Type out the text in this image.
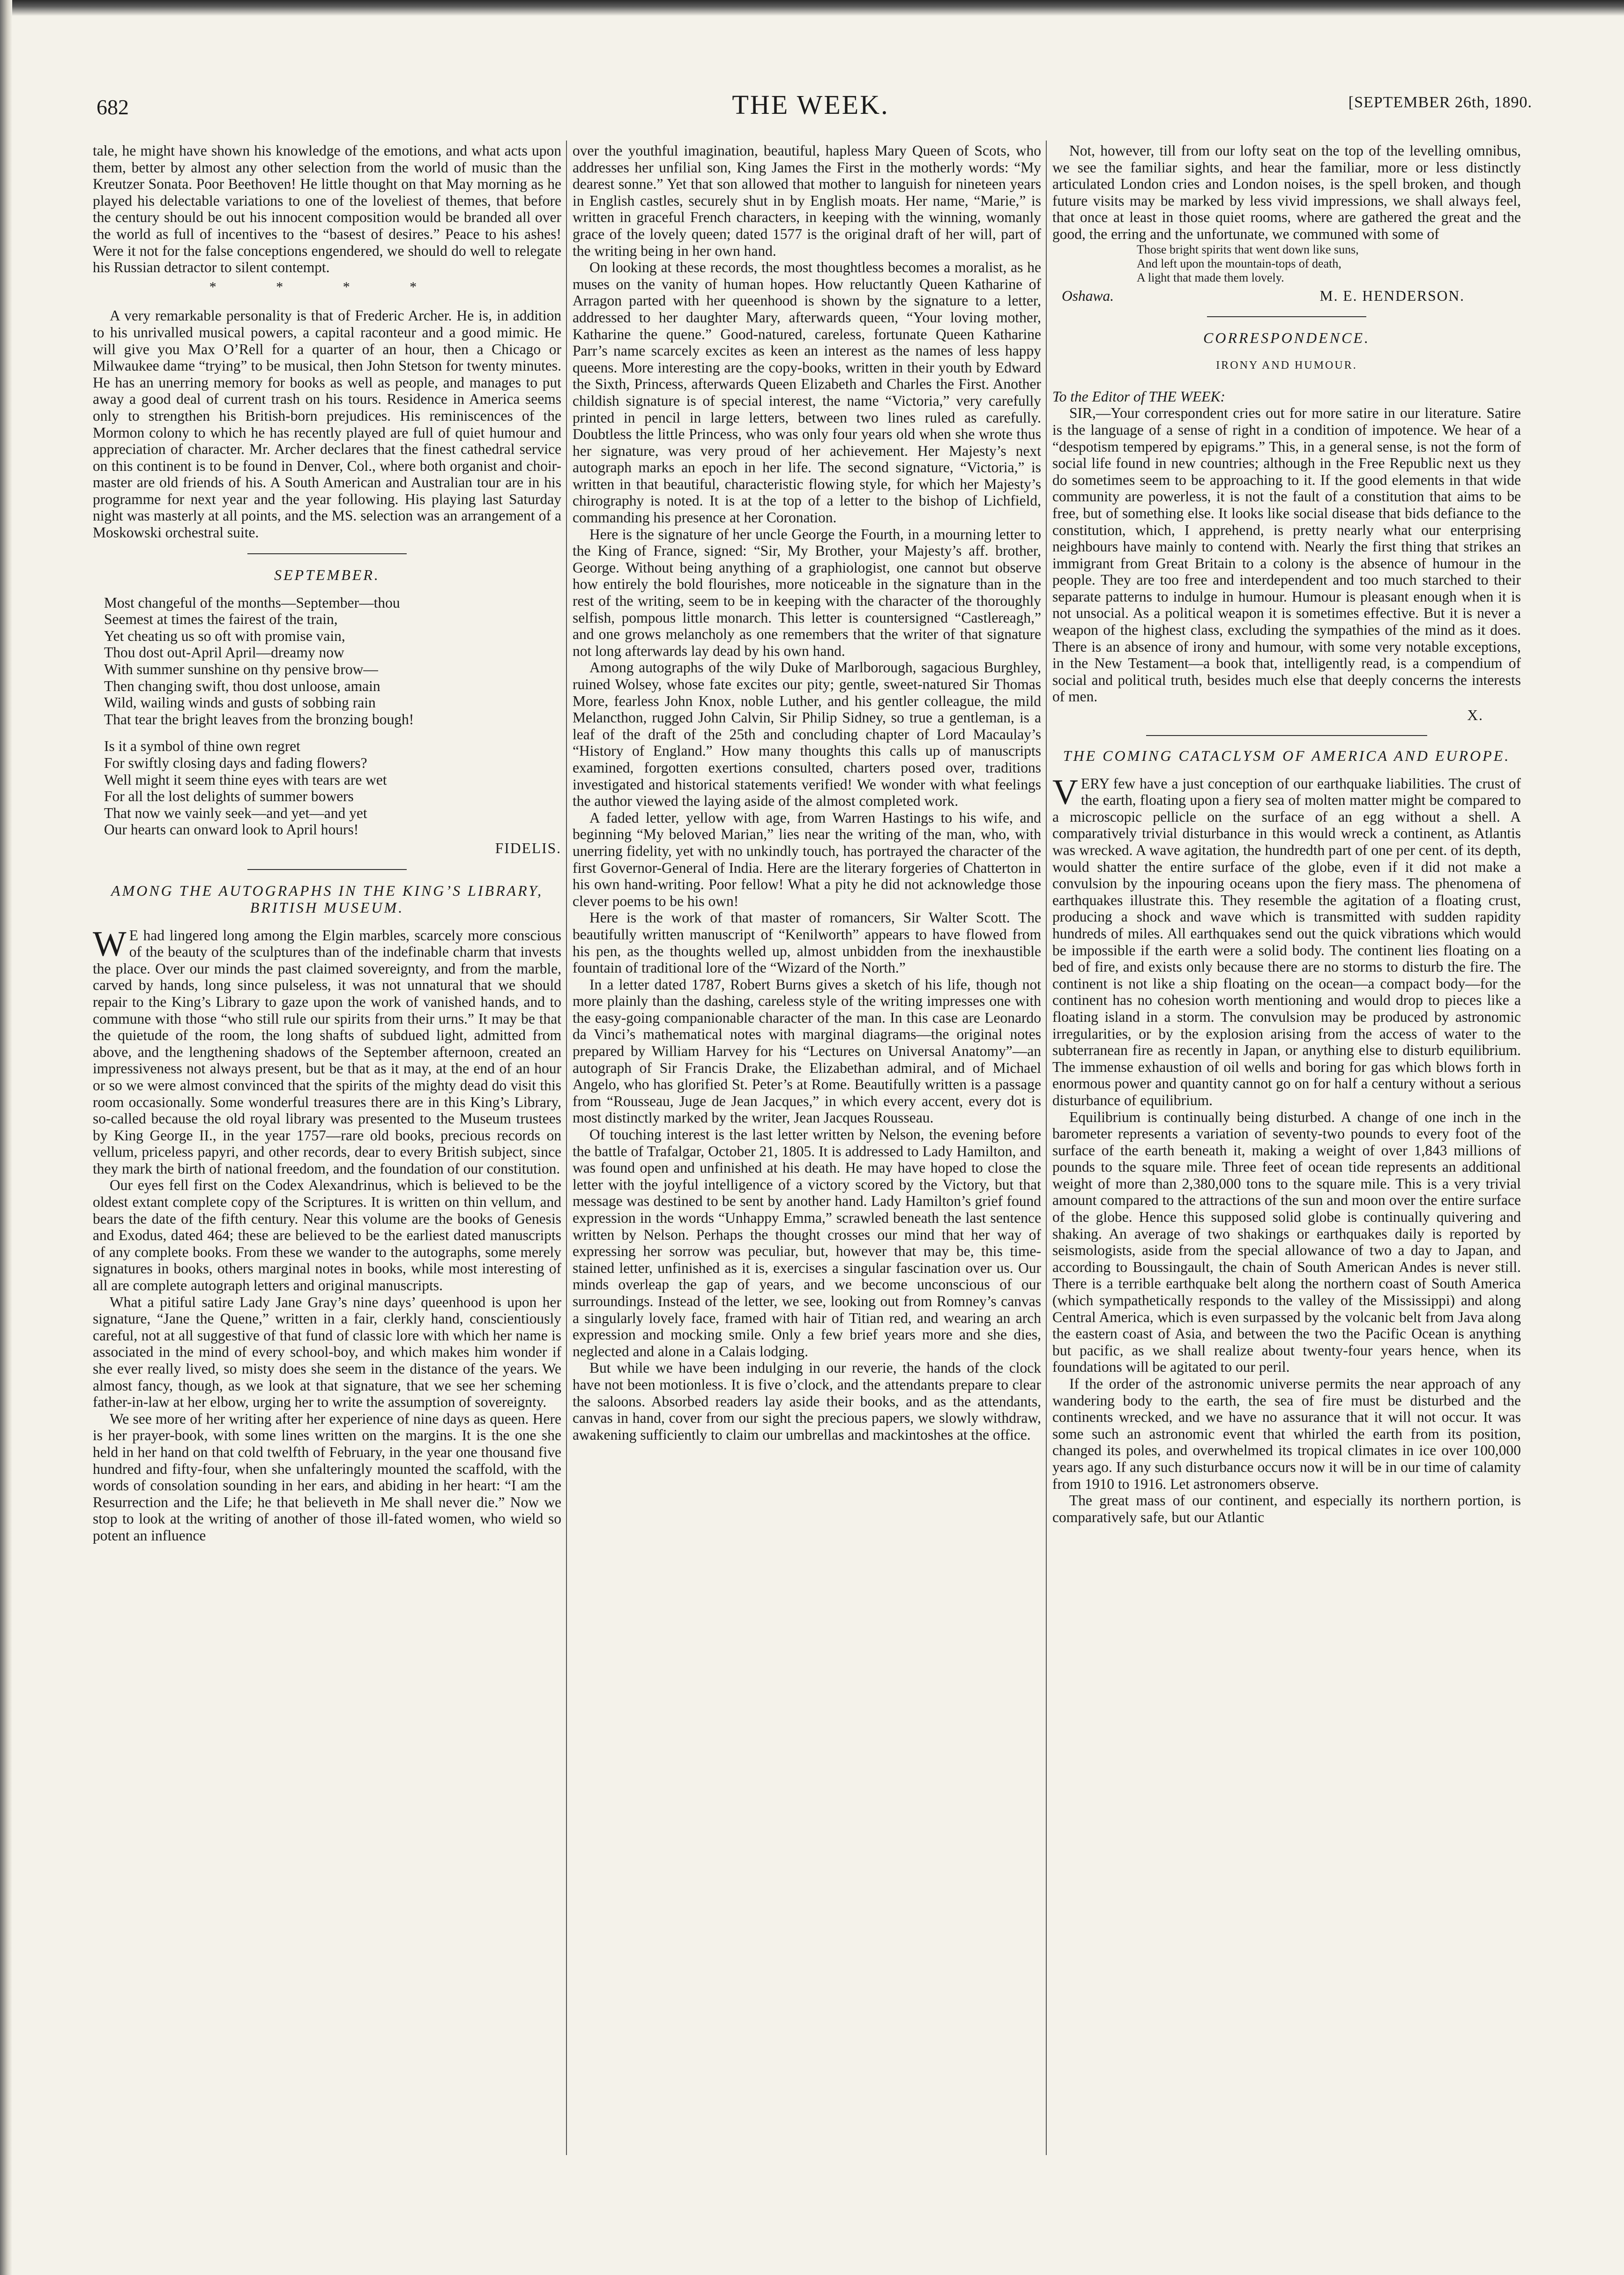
682	THE WEEK.	[SEPTEMBER 26th, 1890.

tale, he might have shown his knowledge of the emotions, and what acts upon them, better by almost any other selection from the world of music than the Kreutzer Sonata. Poor Beethoven! He little thought on that May morning as he played his delectable variations to one of the loveliest of themes, that before the century should be out his innocent composition would be branded all over the world as full of incentives to the “basest of desires.” Peace to his ashes! Were it not for the false conceptions engendered, we should do well to relegate his Russian detractor to silent contempt.

* * * *

A very remarkable personality is that of Frederic Archer. He is, in addition to his unrivalled musical powers, a capital raconteur and a good mimic. He will give you Max O’Rell for a quarter of an hour, then a Chicago or Milwaukee dame “trying” to be musical, then John Stetson for twenty minutes. He has an unerring memory for books as well as people, and manages to put away a good deal of current trash on his tours. Residence in America seems only to strengthen his British-born prejudices. His reminiscences of the Mormon colony to which he has recently played are full of quiet humour and appreciation of character. Mr. Archer declares that the finest cathedral service on this continent is to be found in Denver, Col., where both organist and choir-master are old friends of his. A South American and Australian tour are in his programme for next year and the year following. His playing last Saturday night was masterly at all points, and the MS. selection was an arrangement of a Moskowski orchestral suite.

SEPTEMBER.
Most changeful of the months—September—thou
Seemest at times the fairest of the train,
Yet cheating us so oft with promise vain,
Thou dost out-April April—dreamy now
With summer sunshine on thy pensive brow—
Then changing swift, thou dost unloose, amain
Wild, wailing winds and gusts of sobbing rain
That tear the bright leaves from the bronzing bough!
Is it a symbol of thine own regret
For swiftly closing days and fading flowers?
Well might it seem thine eyes with tears are wet
For all the lost delights of summer bowers
That now we vainly seek—and yet—and yet
Our hearts can onward look to April hours!
FIDELIS.
AMONG THE AUTOGRAPHS IN THE KING’S LIBRARY, BRITISH MUSEUM.

WE had lingered long among the Elgin marbles, scarcely more conscious of the beauty of the sculptures than of the indefinable charm that invests the place. Over our minds the past claimed sovereignty, and from the marble, carved by hands, long since pulseless, it was not unnatural that we should repair to the King’s Library to gaze upon the work of vanished hands, and to commune with those “who still rule our spirits from their urns.” It may be that the quietude of the room, the long shafts of subdued light, admitted from above, and the lengthening shadows of the September afternoon, created an impressiveness not always present, but be that as it may, at the end of an hour or so we were almost convinced that the spirits of the mighty dead do visit this room occasionally. Some wonderful treasures there are in this King’s Library, so-called because the old royal library was presented to the Museum trustees by King George II., in the year 1757—rare old books, precious records on vellum, priceless papyri, and other records, dear to every British subject, since they mark the birth of national freedom, and the foundation of our constitution.

Our eyes fell first on the Codex Alexandrinus, which is believed to be the oldest extant complete copy of the Scriptures. It is written on thin vellum, and bears the date of the fifth century. Near this volume are the books of Genesis and Exodus, dated 464; these are believed to be the earliest dated manuscripts of any complete books. From these we wander to the autographs, some merely signatures in books, others marginal notes in books, while most interesting of all are complete autograph letters and original manuscripts.

What a pitiful satire Lady Jane Gray’s nine days’ queenhood is upon her signature, “Jane the Quene,” written in a fair, clerkly hand, conscientiously careful, not at all suggestive of that fund of classic lore with which her name is associated in the mind of every school-boy, and which makes him wonder if she ever really lived, so misty does she seem in the distance of the years. We almost fancy, though, as we look at that signature, that we see her scheming father-in-law at her elbow, urging her to write the assumption of sovereignty.

We see more of her writing after her experience of nine days as queen. Here is her prayer-book, with some lines written on the margins. It is the one she held in her hand on that cold twelfth of February, in the year one thousand five hundred and fifty-four, when she unfalteringly mounted the scaffold, with the words of consolation sounding in her ears, and abiding in her heart: “I am the Resurrection and the Life; he that believeth in Me shall never die.” Now we stop to look at the writing of another of those ill-fated women, who wield so potent an influence

over the youthful imagination, beautiful, hapless Mary Queen of Scots, who addresses her unfilial son, King James the First in the motherly words: “My dearest sonne.” Yet that son allowed that mother to languish for nineteen years in English castles, securely shut in by English moats. Her name, “Marie,” is written in graceful French characters, in keeping with the winning, womanly grace of the lovely queen; dated 1577 is the original draft of her will, part of the writing being in her own hand.

On looking at these records, the most thoughtless becomes a moralist, as he muses on the vanity of human hopes. How reluctantly Queen Katharine of Arragon parted with her queenhood is shown by the signature to a letter, addressed to her daughter Mary, afterwards queen, “Your loving mother, Katharine the quene.” Good-natured, careless, fortunate Queen Katharine Parr’s name scarcely excites as keen an interest as the names of less happy queens. More interesting are the copy-books, written in their youth by Edward the Sixth, Princess, afterwards Queen Elizabeth and Charles the First. Another childish signature is of special interest, the name “Victoria,” very carefully printed in pencil in large letters, between two lines ruled as carefully. Doubtless the little Princess, who was only four years old when she wrote thus her signature, was very proud of her achievement. Her Majesty’s next autograph marks an epoch in her life. The second signature, “Victoria,” is written in that beautiful, characteristic flowing style, for which her Majesty’s chirography is noted. It is at the top of a letter to the bishop of Lichfield, commanding his presence at her Coronation.

Here is the signature of her uncle George the Fourth, in a mourning letter to the King of France, signed: “Sir, My Brother, your Majesty’s aff. brother, George. Without being anything of a graphiologist, one cannot but observe how entirely the bold flourishes, more noticeable in the signature than in the rest of the writing, seem to be in keeping with the character of the thoroughly selfish, pompous little monarch. This letter is countersigned “Castlereagh,” and one grows melancholy as one remembers that the writer of that signature not long afterwards lay dead by his own hand.

Among autographs of the wily Duke of Marlborough, sagacious Burghley, ruined Wolsey, whose fate excites our pity; gentle, sweet-natured Sir Thomas More, fearless John Knox, noble Luther, and his gentler colleague, the mild Melancthon, rugged John Calvin, Sir Philip Sidney, so true a gentleman, is a leaf of the draft of the 25th and concluding chapter of Lord Macaulay’s “History of England.” How many thoughts this calls up of manuscripts examined, forgotten exertions consulted, charters posed over, traditions investigated and historical statements verified! We wonder with what feelings the author viewed the laying aside of the almost completed work.

A faded letter, yellow with age, from Warren Hastings to his wife, and beginning “My beloved Marian,” lies near the writing of the man, who, with unerring fidelity, yet with no unkindly touch, has portrayed the character of the first Governor-General of India. Here are the literary forgeries of Chatterton in his own hand-writing. Poor fellow! What a pity he did not acknowledge those clever poems to be his own!

Here is the work of that master of romancers, Sir Walter Scott. The beautifully written manuscript of “Kenilworth” appears to have flowed from his pen, as the thoughts welled up, almost unbidden from the inexhaustible fountain of traditional lore of the “Wizard of the North.”

In a letter dated 1787, Robert Burns gives a sketch of his life, though not more plainly than the dashing, careless style of the writing impresses one with the easy-going companionable character of the man. In this case are Leonardo da Vinci’s mathematical notes with marginal diagrams—the original notes prepared by William Harvey for his “Lectures on Universal Anatomy”—an autograph of Sir Francis Drake, the Elizabethan admiral, and of Michael Angelo, who has glorified St. Peter’s at Rome. Beautifully written is a passage from “Rousseau, Juge de Jean Jacques,” in which every accent, every dot is most distinctly marked by the writer, Jean Jacques Rousseau.

Of touching interest is the last letter written by Nelson, the evening before the battle of Trafalgar, October 21, 1805. It is addressed to Lady Hamilton, and was found open and unfinished at his death. He may have hoped to close the letter with the joyful intelligence of a victory scored by the Victory, but that message was destined to be sent by another hand. Lady Hamilton’s grief found expression in the words “Unhappy Emma,” scrawled beneath the last sentence written by Nelson. Perhaps the thought crosses our mind that her way of expressing her sorrow was peculiar, but, however that may be, this time-stained letter, unfinished as it is, exercises a singular fascination over us. Our minds overleap the gap of years, and we become unconscious of our surroundings. Instead of the letter, we see, looking out from Romney’s canvas a singularly lovely face, framed with hair of Titian red, and wearing an arch expression and mocking smile. Only a few brief years more and she dies, neglected and alone in a Calais lodging.

But while we have been indulging in our reverie, the hands of the clock have not been motionless. It is five o’clock, and the attendants prepare to clear the saloons. Absorbed readers lay aside their books, and as the attendants, canvas in hand, cover from our sight the precious papers, we slowly withdraw, awakening sufficiently to claim our umbrellas and mackintoshes at the office.

Not, however, till from our lofty seat on the top of the levelling omnibus, we see the familiar sights, and hear the familiar, more or less distinctly articulated London cries and London noises, is the spell broken, and though future visits may be marked by less vivid impressions, we shall always feel, that once at least in those quiet rooms, where are gathered the great and the good, the erring and the unfortunate, we communed with some of

Those bright spirits that went down like suns,
And left upon the mountain-tops of death,
A light that made them lovely.
Oshawa.	M. E. HENDERSON.
CORRESPONDENCE.
IRONY AND HUMOUR.

To the Editor of THE WEEK:

SIR,—Your correspondent cries out for more satire in our literature. Satire is the language of a sense of right in a condition of impotence. We hear of a “despotism tempered by epigrams.” This, in a general sense, is not the form of social life found in new countries; although in the Free Republic next us they do sometimes seem to be approaching to it. If the good elements in that wide community are powerless, it is not the fault of a constitution that aims to be free, but of something else. It looks like social disease that bids defiance to the constitution, which, I apprehend, is pretty nearly what our enterprising neighbours have mainly to contend with. Nearly the first thing that strikes an immigrant from Great Britain to a colony is the absence of humour in the people. They are too free and interdependent and too much starched to their separate patterns to indulge in humour. Humour is pleasant enough when it is not unsocial. As a political weapon it is sometimes effective. But it is never a weapon of the highest class, excluding the sympathies of the mind as it does. There is an absence of irony and humour, with some very notable exceptions, in the New Testament—a book that, intelligently read, is a compendium of social and political truth, besides much else that deeply concerns the interests of men.

X.
THE COMING CATACLYSM OF AMERICA AND EUROPE.

VERY few have a just conception of our earthquake liabilities. The crust of the earth, floating upon a fiery sea of molten matter might be compared to a microscopic pellicle on the surface of an egg without a shell. A comparatively trivial disturbance in this would wreck a continent, as Atlantis was wrecked. A wave agitation, the hundredth part of one per cent. of its depth, would shatter the entire surface of the globe, even if it did not make a convulsion by the inpouring oceans upon the fiery mass. The phenomena of earthquakes illustrate this. They resemble the agitation of a floating crust, producing a shock and wave which is transmitted with sudden rapidity hundreds of miles. All earthquakes send out the quick vibrations which would be impossible if the earth were a solid body. The continent lies floating on a bed of fire, and exists only because there are no storms to disturb the fire. The continent is not like a ship floating on the ocean—a compact body—for the continent has no cohesion worth mentioning and would drop to pieces like a floating island in a storm. The convulsion may be produced by astronomic irregularities, or by the explosion arising from the access of water to the subterranean fire as recently in Japan, or anything else to disturb equilibrium. The immense exhaustion of oil wells and boring for gas which blows forth in enormous power and quantity cannot go on for half a century without a serious disturbance of equilibrium.

Equilibrium is continually being disturbed. A change of one inch in the barometer represents a variation of seventy-two pounds to every foot of the surface of the earth beneath it, making a weight of over 1,843 millions of pounds to the square mile. Three feet of ocean tide represents an additional weight of more than 2,380,000 tons to the square mile. This is a very trivial amount compared to the attractions of the sun and moon over the entire surface of the globe. Hence this supposed solid globe is continually quivering and shaking. An average of two shakings or earthquakes daily is reported by seismologists, aside from the special allowance of two a day to Japan, and according to Boussingault, the chain of South American Andes is never still. There is a terrible earthquake belt along the northern coast of South America (which sympathetically responds to the valley of the Mississippi) and along Central America, which is even surpassed by the volcanic belt from Java along the eastern coast of Asia, and between the two the Pacific Ocean is anything but pacific, as we shall realize about twenty-four years hence, when its foundations will be agitated to our peril.

If the order of the astronomic universe permits the near approach of any wandering body to the earth, the sea of fire must be disturbed and the continents wrecked, and we have no assurance that it will not occur. It was some such an astronomic event that whirled the earth from its position, changed its poles, and overwhelmed its tropical climates in ice over 100,000 years ago. If any such disturbance occurs now it will be in our time of calamity from 1910 to 1916. Let astronomers observe.

The great mass of our continent, and especially its northern portion, is comparatively safe, but our Atlantic
